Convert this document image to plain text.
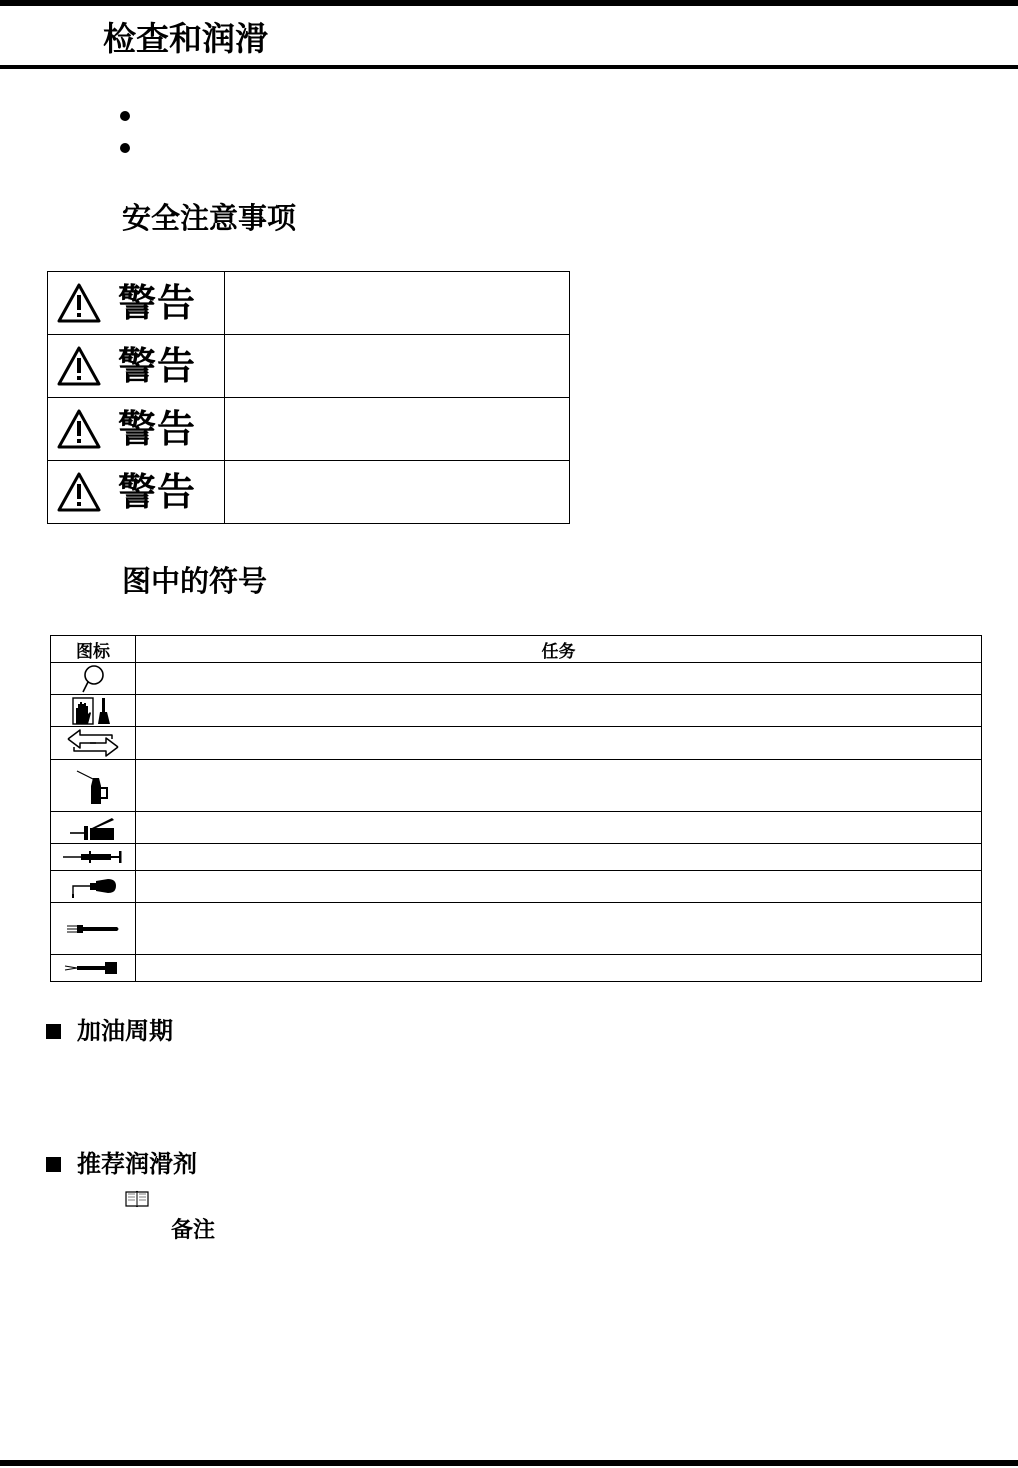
检查和润滑
安全注意事项
警告	

警告	

警告	

警告	

图中的符号
图标	任务

加油周期
推荐润滑剂
备注
